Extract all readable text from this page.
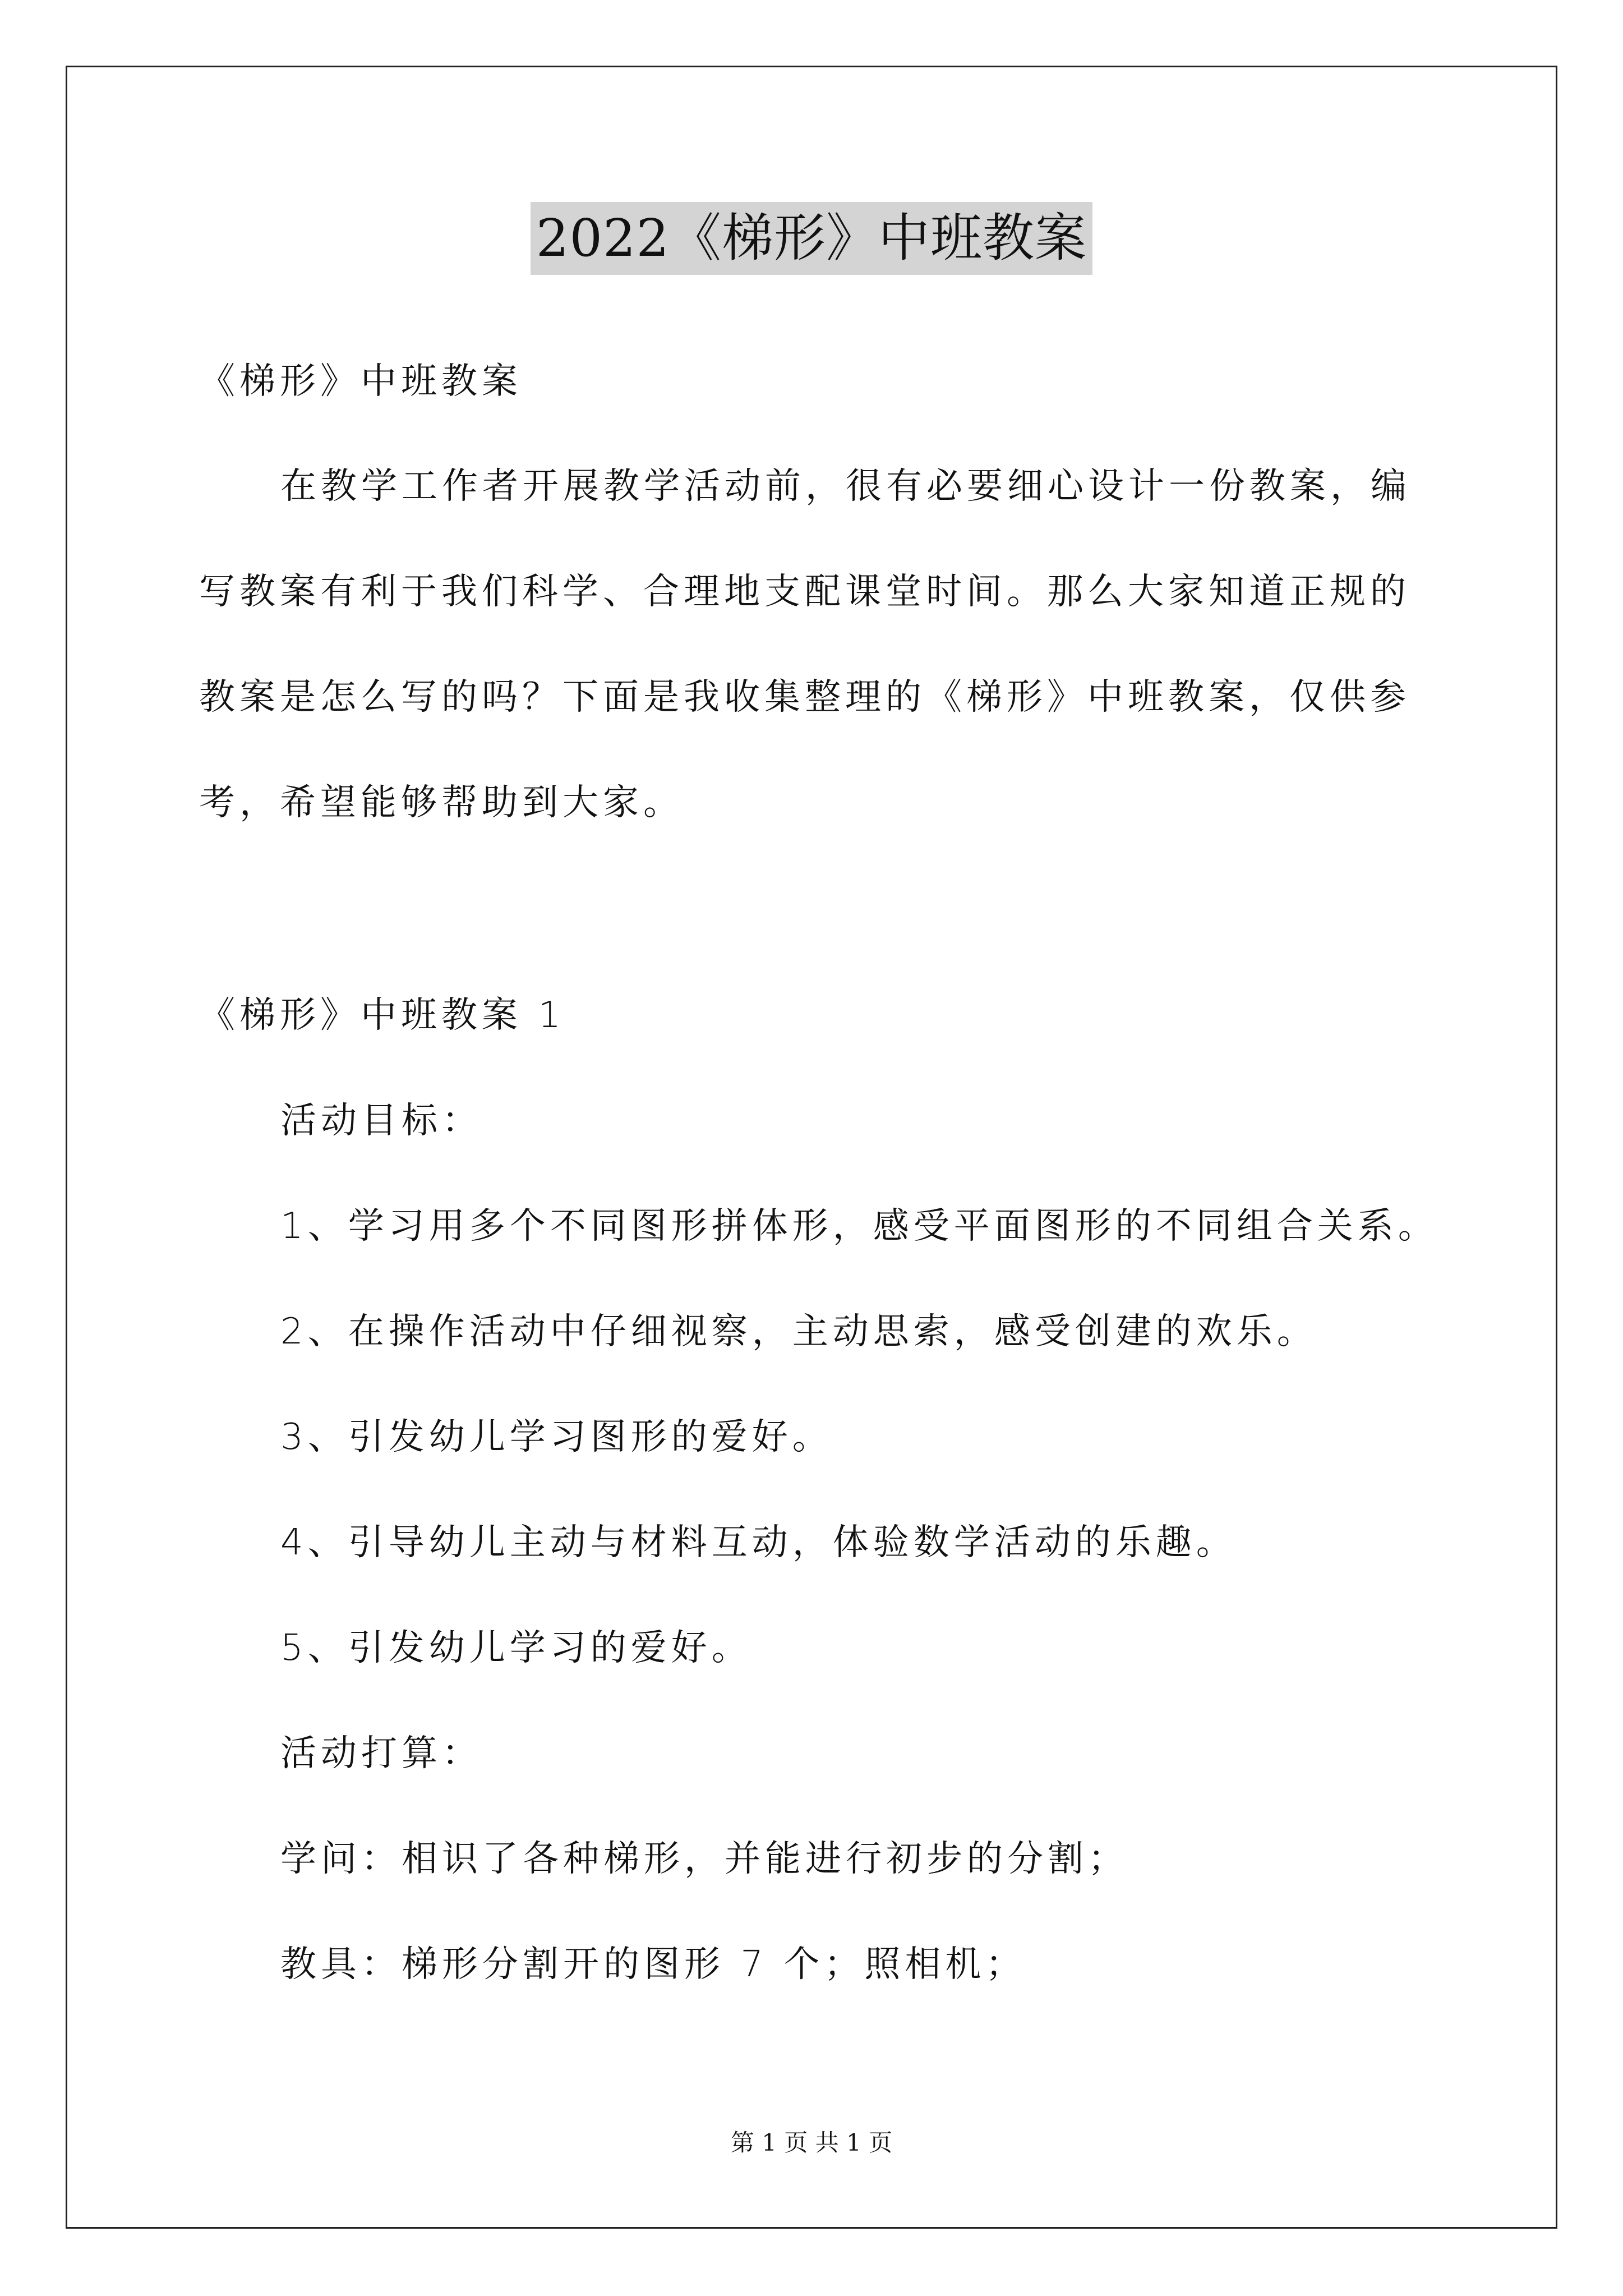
2022《梯形》中班教案
《梯形》中班教案
在教学工作者开展教学活动前，很有必要细心设计一份教案，编
写教案有利于我们科学、合理地支配课堂时间。那么大家知道正规的
教案是怎么写的吗？下面是我收集整理的《梯形》中班教案，仅供参
考，希望能够帮助到大家。
《梯形》中班教案 1
活动目标：
1、学习用多个不同图形拼体形，感受平面图形的不同组合关系。
2、在操作活动中仔细视察，主动思索，感受创建的欢乐。
3、引发幼儿学习图形的爱好。
4、引导幼儿主动与材料互动，体验数学活动的乐趣。
5、引发幼儿学习的爱好。
活动打算：
学问：相识了各种梯形，并能进行初步的分割；
教具：梯形分割开的图形 7 个；照相机；
第 1 页 共 1 页
